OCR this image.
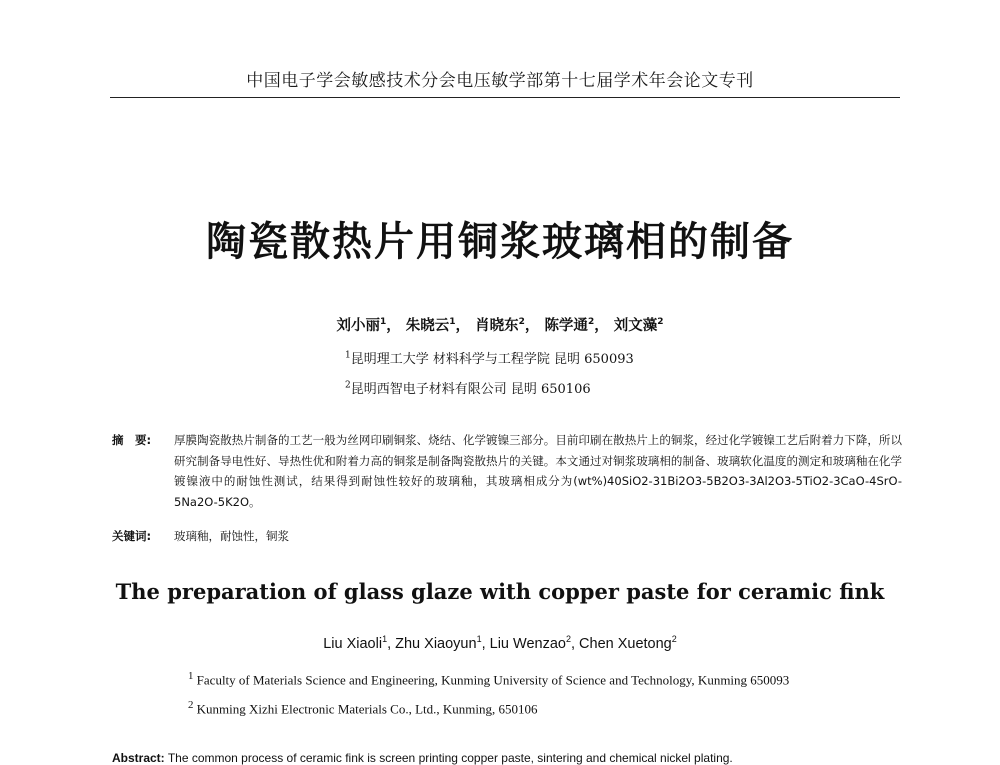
中国电子学会敏感技术分会电压敏学部第十七届学术年会论文专刊
陶瓷散热片用铜浆玻璃相的制备
刘小丽$^1$， 朱晓云$^1$， 肖晓东$^2$， 陈学通$^2$， 刘文藻$^2$
$^1$昆明理工大学 材料科学与工程学院 昆明 650093
$^2$昆明西智电子材料有限公司 昆明 650106
摘　要:	厚膜陶瓷散热片制备的工艺一般为丝网印刷铜浆、烧结、化学镀镍三部分。目前印刷在散热片上的铜浆，经过化学镀镍工艺后附着力下降，所以研究制备导电性好、导热性优和附着力高的铜浆是制备陶瓷散热片的关键。本文通过对铜浆玻璃相的制备、玻璃软化温度的测定和玻璃釉在化学镀镍液中的耐蚀性测试，结果得到耐蚀性较好的玻璃釉，其玻璃相成分为(wt%)40SiO2-31Bi2O3-5B2O3-3Al2O3-5TiO2-3CaO-4SrO-5Na2O-5K2O。
关键词: 玻璃釉，耐蚀性，铜浆
The preparation of glass glaze with copper paste for ceramic fink
Liu Xiaoli$^1$, Zhu Xiaoyun$^1$, Liu Wenzao$^2$, Chen Xuetong$^2$
$^1$ Faculty of Materials Science and Engineering, Kunming University of Science and Technology, Kunming 650093
$^2$ Kunming Xizhi Electronic Materials Co., Ltd., Kunming, 650106
Abstract: The common process of ceramic fink is screen printing copper paste, sintering and chemical nickel plating.
